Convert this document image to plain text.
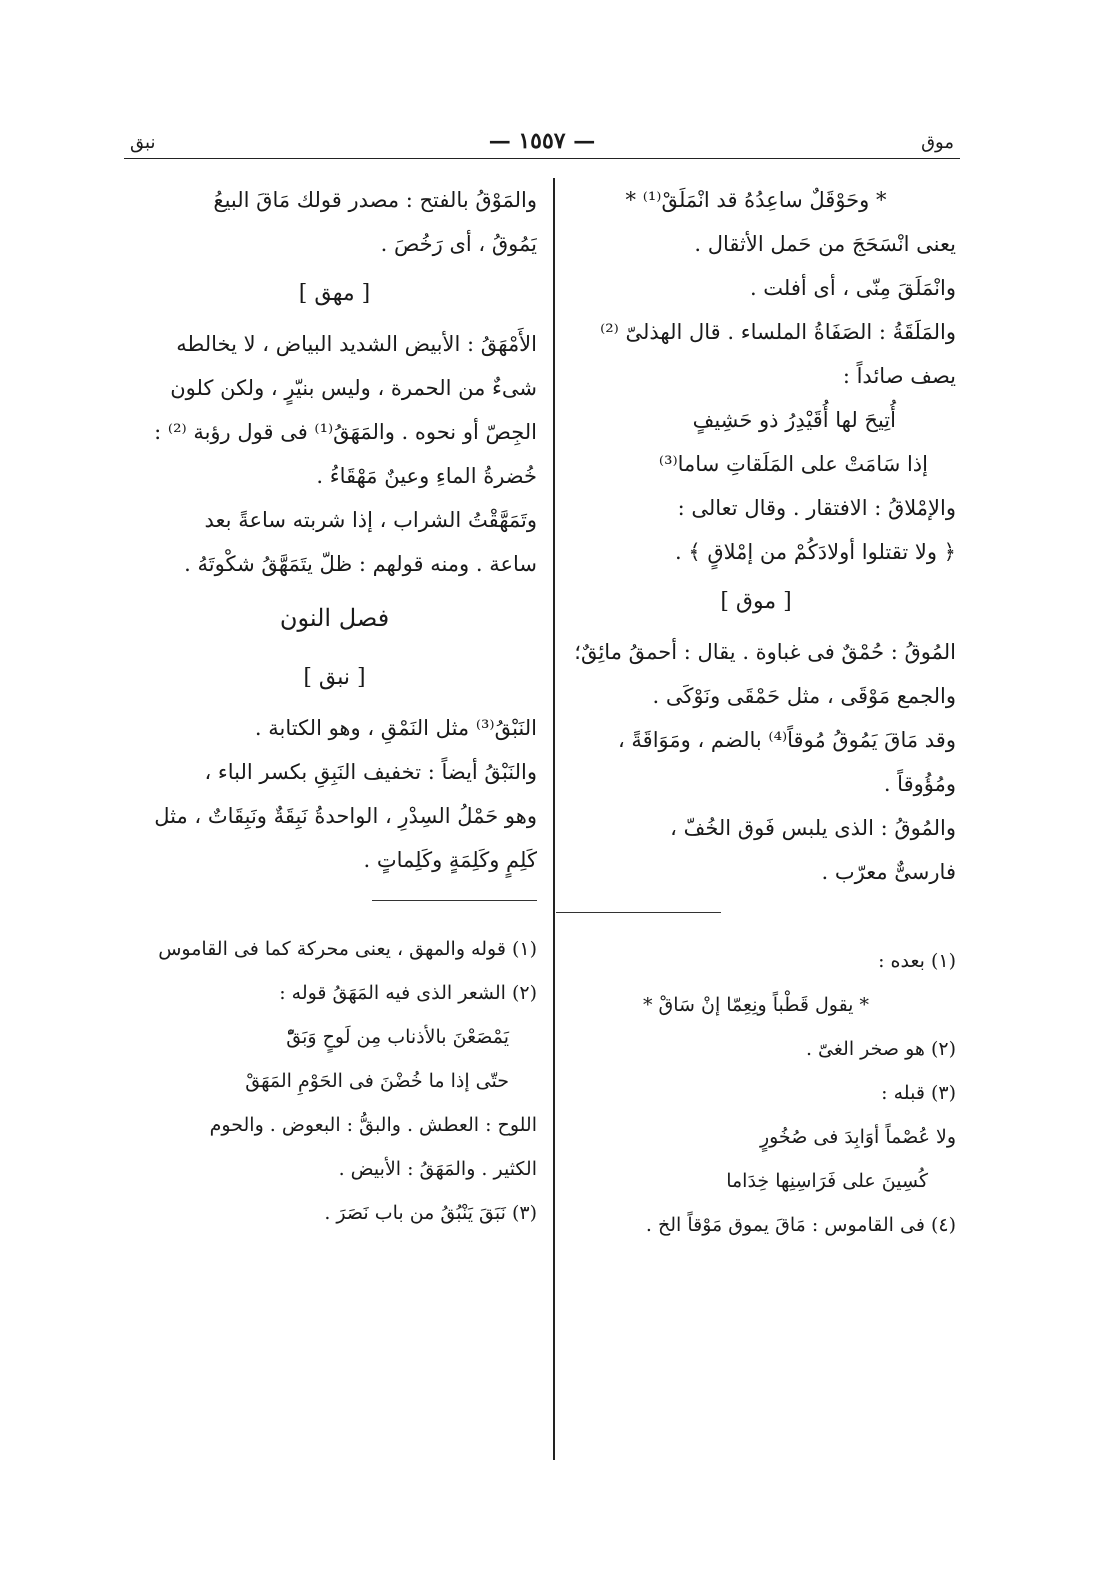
موق
— ١٥٥٧ —
نبق
* وحَوْقَلٌ ساعِدُهُ قد انْمَلَقْ⁽¹⁾ *
يعنى انْسَحَجَ من حَمل الأثقال .
وانْمَلَقَ مِنّى ، أى أفلت .
والمَلَقَةُ : الصَفَاةُ الملساء . قال الهذلىّ ⁽²⁾
يصف صائداً :
أُتِيحَ لها أُقَيْدِرُ ذو حَشِيفٍ
إذا سَامَتْ على المَلَقاتِ ساما⁽³⁾
والإمْلاقُ : الافتقار . وقال تعالى :
﴿ ولا تقتلوا أولادَكُمْ من إمْلاقٍ ﴾ .
[ موق ]
المُوقُ : حُمْقٌ فى غباوة . يقال : أحمقُ مائِقٌ؛
والجمع مَوْقَى ، مثل حَمْقَى ونَوْكَى .
وقد مَاقَ يَمُوقُ مُوقاً⁽⁴⁾ بالضم ، ومَوَاقَةً ،
ومُؤُوقاً .
والمُوقُ : الذى يلبس فَوق الخُفّ ،
فارسىٌّ معرّب .
(١) بعده :
* يقول قَطْباً ونِعِمّا إنْ سَاقْ *
(٢) هو صخر الغىّ .
(٣) قبله :
ولا عُصْماً أوَابِدَ فى صُخُورٍ
كُسِينَ على فَرَاسِنِها خِدَاما
(٤) فى القاموس : مَاقَ يموق مَوْقاً الخ .
والمَوْقُ بالفتح : مصدر قولك مَاقَ البيعُ
يَمُوقُ ، أى رَخُصَ .
[ مهق ]
الأَمْهَقُ : الأبيض الشديد البياض ، لا يخالطه
شىءٌ من الحمرة ، وليس بنيّرٍ ، ولكن كلون
الجِصّ أو نحوه . والمَهَقُ⁽¹⁾ فى قول رؤبة ⁽²⁾ :
خُضرةُ الماءِ وعينٌ مَهْقَاءُ .
وتَمَهَّقْتُ الشراب ، إذا شربته ساعةً بعد
ساعة . ومنه قولهم : ظلّ يتَمَهَّقُ شكْوتَهُ .
فصل النون
[ نبق ]
النَبْقُ⁽³⁾ مثل النَمْقِ ، وهو الكتابة .
والنَبْقُ أيضاً : تخفيف النَبِقِ بكسر الباء ،
وهو حَمْلُ السِدْرِ ، الواحدةُ نَبِقَةٌ ونَبِقَاتٌ ، مثل
كَلِمٍ وكَلِمَةٍ وكَلِماتٍ .
(١) قوله والمهق ، يعنى محركة كما فى القاموس
(٢) الشعر الذى فيه المَهَقُ قوله :
يَمْصَعْنَ بالأذناب مِن لَوحٍ وَبَقّْ
حتّى إذا ما خُضْنَ فى الحَوْمِ المَهَقْ
اللوح : العطش . والبقُّ : البعوض . والحوم
الكثير . والمَهَقُ : الأبيض .
(٣) نَبَقَ يَنْبُقُ من باب نَصَرَ .
